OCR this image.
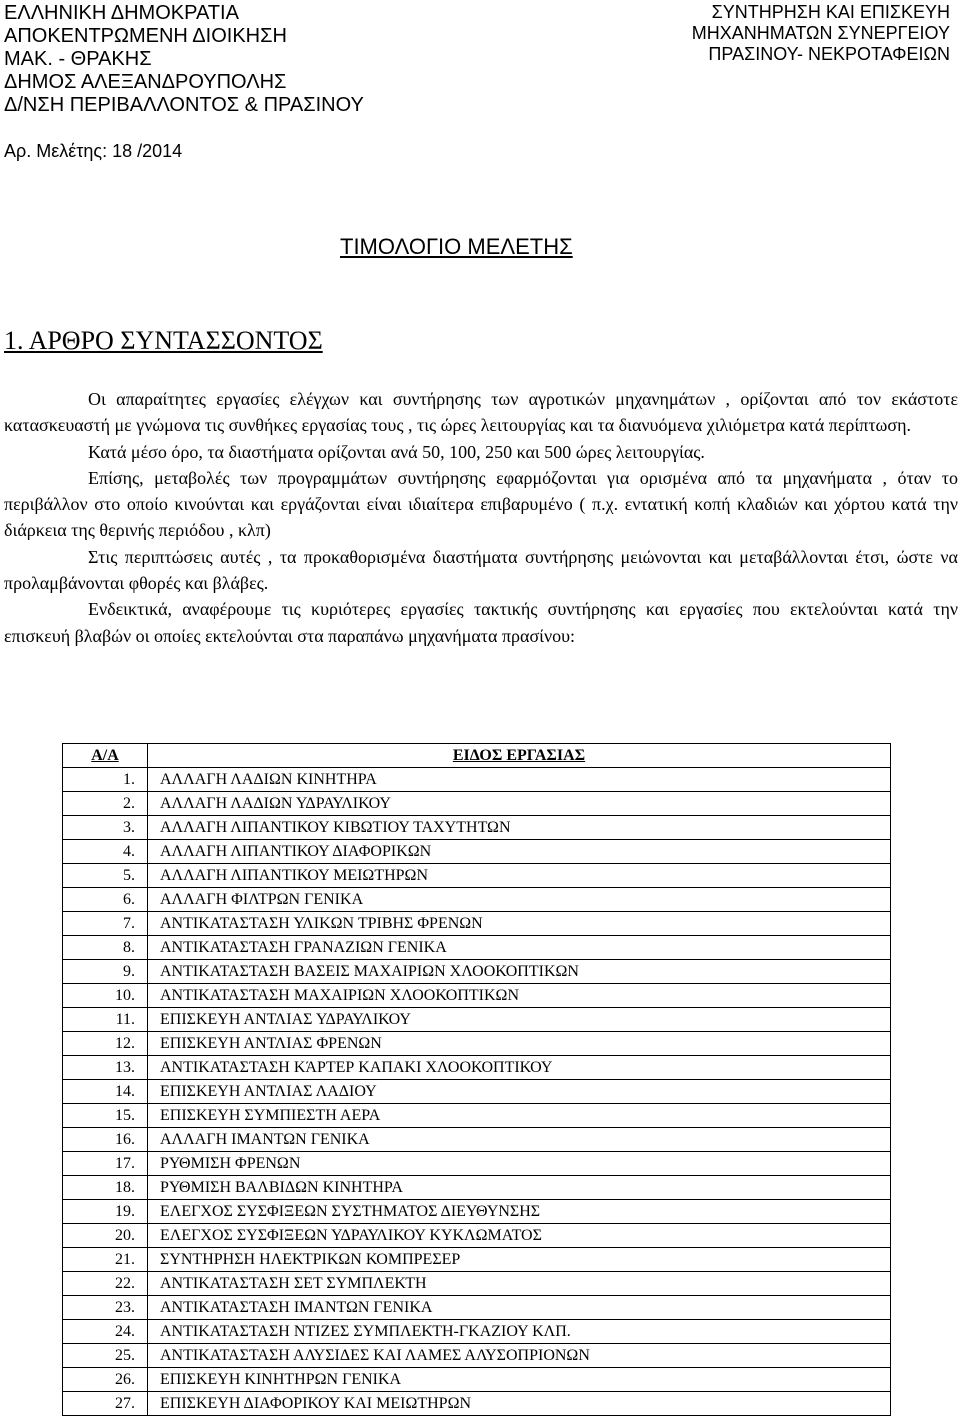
ΕΛΛΗΝΙΚΗ ΔΗΜΟΚΡΑΤΙΑ
ΑΠΟΚΕΝΤΡΩΜΕΝΗ ΔΙΟΙΚΗΣΗ
ΜΑΚ. - ΘΡΑΚΗΣ
ΔΗΜΟΣ ΑΛΕΞΑΝΔΡΟΥΠΟΛΗΣ
Δ/ΝΣΗ ΠΕΡΙΒΑΛΛΟΝΤΟΣ & ΠΡΑΣΙΝΟΥ
Αρ. Μελέτης: 18 /2014
ΣΥΝΤΗΡΗΣΗ ΚΑΙ ΕΠΙΣΚΕΥΗ
ΜΗΧΑΝΗΜΑΤΩΝ ΣΥΝΕΡΓΕΙΟΥ
ΠΡΑΣΙΝΟΥ- ΝΕΚΡΟΤΑΦΕΙΩΝ
ΤΙΜΟΛΟΓΙΟ ΜΕΛΕΤΗΣ
1. ΑΡΘΡΟ ΣΥΝΤΑΣΣΟΝΤΟΣ

Οι απαραίτητες εργασίες ελέγχων και συντήρησης των αγροτικών μηχανημάτων , ορίζονται από τον εκάστοτε κατασκευαστή με γνώμονα τις συνθήκες εργασίας τους , τις ώρες λειτουργίας και τα διανυόμενα χιλιόμετρα κατά περίπτωση.

Κατά μέσο όρο, τα διαστήματα ορίζονται ανά 50, 100, 250 και 500 ώρες λειτουργίας.

Επίσης, μεταβολές των προγραμμάτων συντήρησης εφαρμόζονται για ορισμένα από τα μηχανήματα , όταν το περιβάλλον στο οποίο κινούνται και εργάζονται είναι ιδιαίτερα επιβαρυμένο ( π.χ. εντατική κοπή κλαδιών και χόρτου κατά την διάρκεια της θερινής περιόδου , κλπ)

Στις περιπτώσεις αυτές , τα προκαθορισμένα διαστήματα συντήρησης μειώνονται και μεταβάλλονται έτσι, ώστε να προλαμβάνονται φθορές και βλάβες.

Ενδεικτικά, αναφέρουμε τις κυριότερες εργασίες τακτικής συντήρησης και εργασίες που εκτελούνται κατά την επισκευή βλαβών οι οποίες εκτελούνται στα παραπάνω μηχανήματα πρασίνου:

Α/Α	ΕΙΔΟΣ ΕΡΓΑΣΙΑΣ
1.	ΑΛΛΑΓΗ ΛΑΔΙΩΝ ΚΙΝΗΤΗΡΑ
2.	ΑΛΛΑΓΗ ΛΑΔΙΩΝ ΥΔΡΑΥΛΙΚΟΥ
3.	ΑΛΛΑΓΗ ΛΙΠΑΝΤΙΚΟΥ ΚΙΒΩΤΙΟΥ ΤΑΧΥΤΗΤΩΝ
4.	ΑΛΛΑΓΗ ΛΙΠΑΝΤΙΚΟΥ ΔΙΑΦΟΡΙΚΩΝ
5.	ΑΛΛΑΓΗ ΛΙΠΑΝΤΙΚΟΥ ΜΕΙΩΤΗΡΩΝ
6.	ΑΛΛΑΓΗ ΦΙΛΤΡΩΝ ΓΕΝΙΚΑ
7.	ΑΝΤΙΚΑΤΑΣΤΑΣΗ ΥΛΙΚΩΝ ΤΡΙΒΗΣ ΦΡΕΝΩΝ
8.	ΑΝΤΙΚΑΤΑΣΤΑΣΗ ΓΡΑΝΑΖΙΩΝ ΓΕΝΙΚΑ
9.	ΑΝΤΙΚΑΤΑΣΤΑΣΗ ΒΑΣΕΙΣ ΜΑΧΑΙΡΙΩΝ ΧΛΟΟΚΟΠΤΙΚΩΝ
10.	ΑΝΤΙΚΑΤΑΣΤΑΣΗ ΜΑΧΑΙΡΙΩΝ ΧΛΟΟΚΟΠΤΙΚΩΝ
11.	ΕΠΙΣΚΕΥΗ ΑΝΤΛΙΑΣ ΥΔΡΑΥΛΙΚΟΥ
12.	ΕΠΙΣΚΕΥΗ ΑΝΤΛΙΑΣ ΦΡΕΝΩΝ
13.	ΑΝΤΙΚΑΤΑΣΤΑΣΗ ΚΆΡΤΕΡ ΚΑΠΑΚΙ ΧΛΟΟΚΟΠΤΙΚΟΥ
14.	ΕΠΙΣΚΕΥΗ ΑΝΤΛΙΑΣ ΛΑΔΙΟΥ
15.	ΕΠΙΣΚΕΥΗ ΣΥΜΠΙΕΣΤΗ ΑΕΡΑ
16.	ΑΛΛΑΓΗ ΙΜΑΝΤΩΝ ΓΕΝΙΚΑ
17.	ΡΥΘΜΙΣΗ ΦΡΕΝΩΝ
18.	ΡΥΘΜΙΣΗ ΒΑΛΒΙΔΩΝ ΚΙΝΗΤΗΡΑ
19.	ΕΛΕΓΧΟΣ ΣΥΣΦΙΞΕΩΝ ΣΥΣΤΗΜΑΤΟΣ ΔΙΕΥΘΥΝΣΗΣ
20.	ΕΛΕΓΧΟΣ ΣΥΣΦΙΞΕΩΝ ΥΔΡΑΥΛΙΚΟΥ ΚΥΚΛΩΜΑΤΟΣ
21.	ΣΥΝΤΗΡΗΣΗ ΗΛΕΚΤΡΙΚΩΝ ΚΟΜΠΡΕΣΕΡ
22.	ΑΝΤΙΚΑΤΑΣΤΑΣΗ ΣΕΤ ΣΥΜΠΛΕΚΤΗ
23.	ΑΝΤΙΚΑΤΑΣΤΑΣΗ ΙΜΑΝΤΩΝ ΓΕΝΙΚΑ
24.	ΑΝΤΙΚΑΤΑΣΤΑΣΗ ΝΤΙΖΕΣ ΣΥΜΠΛΕΚΤΗ-ΓΚΑΖΙΟΥ ΚΛΠ.
25.	ΑΝΤΙΚΑΤΑΣΤΑΣΗ ΑΛΥΣΙΔΕΣ ΚΑΙ ΛΑΜΕΣ ΑΛΥΣΟΠΡΙΟΝΩΝ
26.	ΕΠΙΣΚΕΥΗ ΚΙΝΗΤΗΡΩΝ ΓΕΝΙΚΑ
27.	ΕΠΙΣΚΕΥΗ ΔΙΑΦΟΡΙΚΟΥ ΚΑΙ ΜΕΙΩΤΗΡΩΝ
